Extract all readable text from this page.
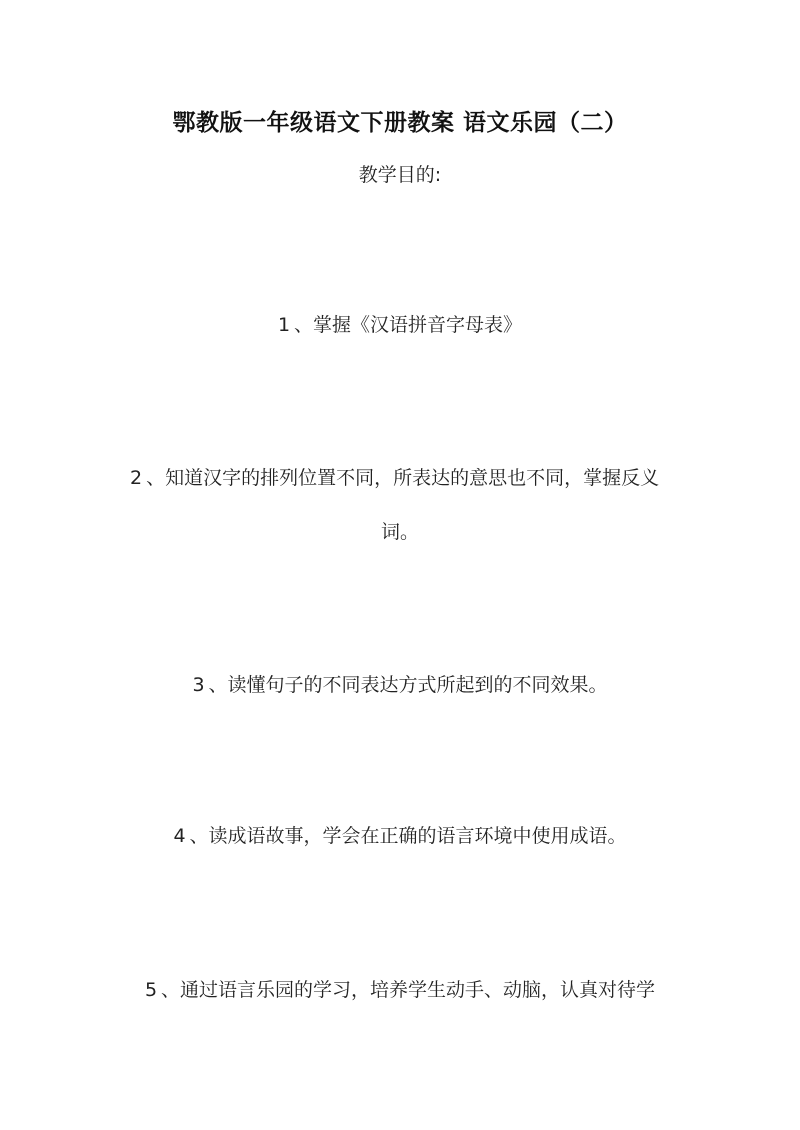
鄂教版一年级语文下册教案 语文乐园（二）
教学目的:
1 、掌握《汉语拼音字母表》
2 、知道汉字的排列位置不同，所表达的意思也不同，掌握反义词。
3 、读懂句子的不同表达方式所起到的不同效果。
4 、读成语故事，学会在正确的语言环境中使用成语。
5 、通过语言乐园的学习，培养学生动手、动脑，认真对待学
